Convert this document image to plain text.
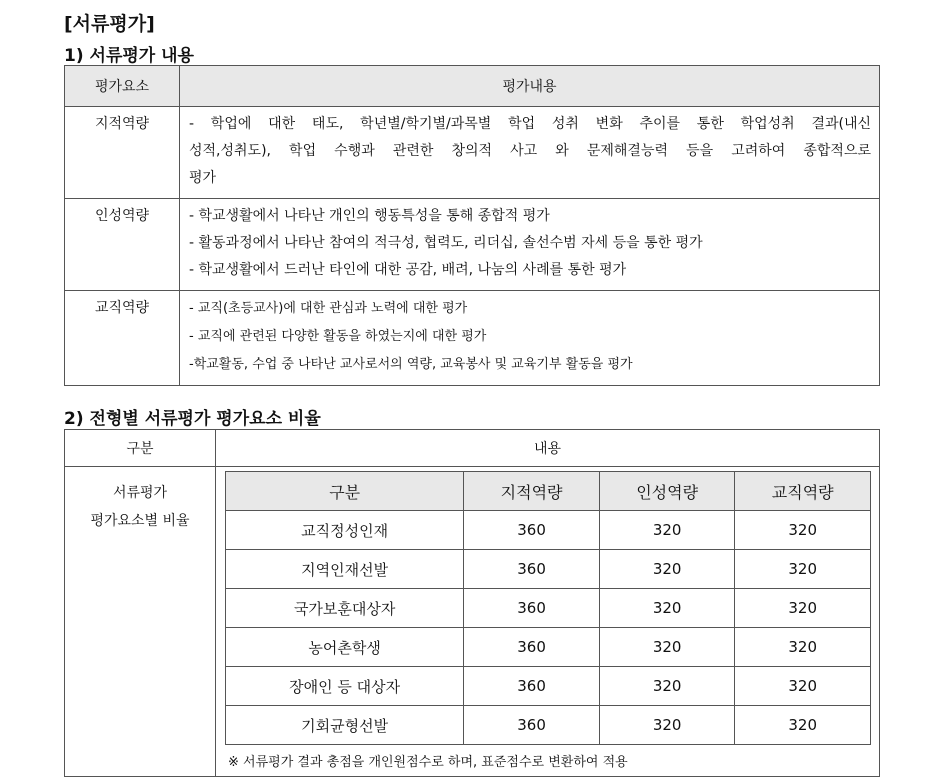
[서류평가]
1) 서류평가 내용
평가요소	평가내용
지적역량	- 학업에 대한 태도, 학년별/학기별/과목별 학업 성취 변화 추이를 통한 학업성취 결과(내신
성적,성취도), 학업 수행과 관련한 창의적 사고 와 문제해결능력 등을 고려하여 종합적으로
평가

인성역량	- 학교생활에서 나타난 개인의 행동특성을 통해 종합적 평가
- 활동과정에서 나타난 참여의 적극성, 협력도, 리더십, 솔선수범 자세 등을 통한 평가
- 학교생활에서 드러난 타인에 대한 공감, 배려, 나눔의 사례를 통한 평가

교직역량	- 교직(초등교사)에 대한 관심과 노력에 대한 평가
- 교직에 관련된 다양한 활동을 하였는지에 대한 평가
-학교활동, 수업 중 나타난 교사로서의 역량, 교육봉사 및 교육기부 활동을 평가
2) 전형별 서류평가 평가요소 비율
구분	내용

서류평가
평가요소별 비율

구분	지적역량	인성역량	교직역량
교직정성인재	360	320	320
지역인재선발	360	320	320
국가보훈대상자	360	320	320
농어촌학생	360	320	320
장애인 등 대상자	360	320	320
기회균형선발	360	320	320
※ 서류평가 결과 총점을 개인원점수로 하며, 표준점수로 변환하여 적용
